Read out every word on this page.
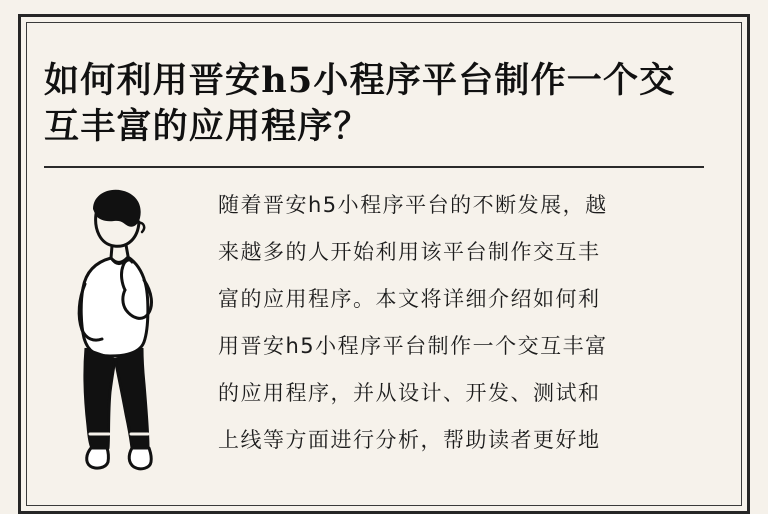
如何利用晋安h5小程序平台制作一个交
互丰富的应用程序？
随着晋安h5小程序平台的不断发展，越
来越多的人开始利用该平台制作交互丰
富的应用程序。本文将详细介绍如何利
用晋安h5小程序平台制作一个交互丰富
的应用程序，并从设计、开发、测试和
上线等方面进行分析，帮助读者更好地
